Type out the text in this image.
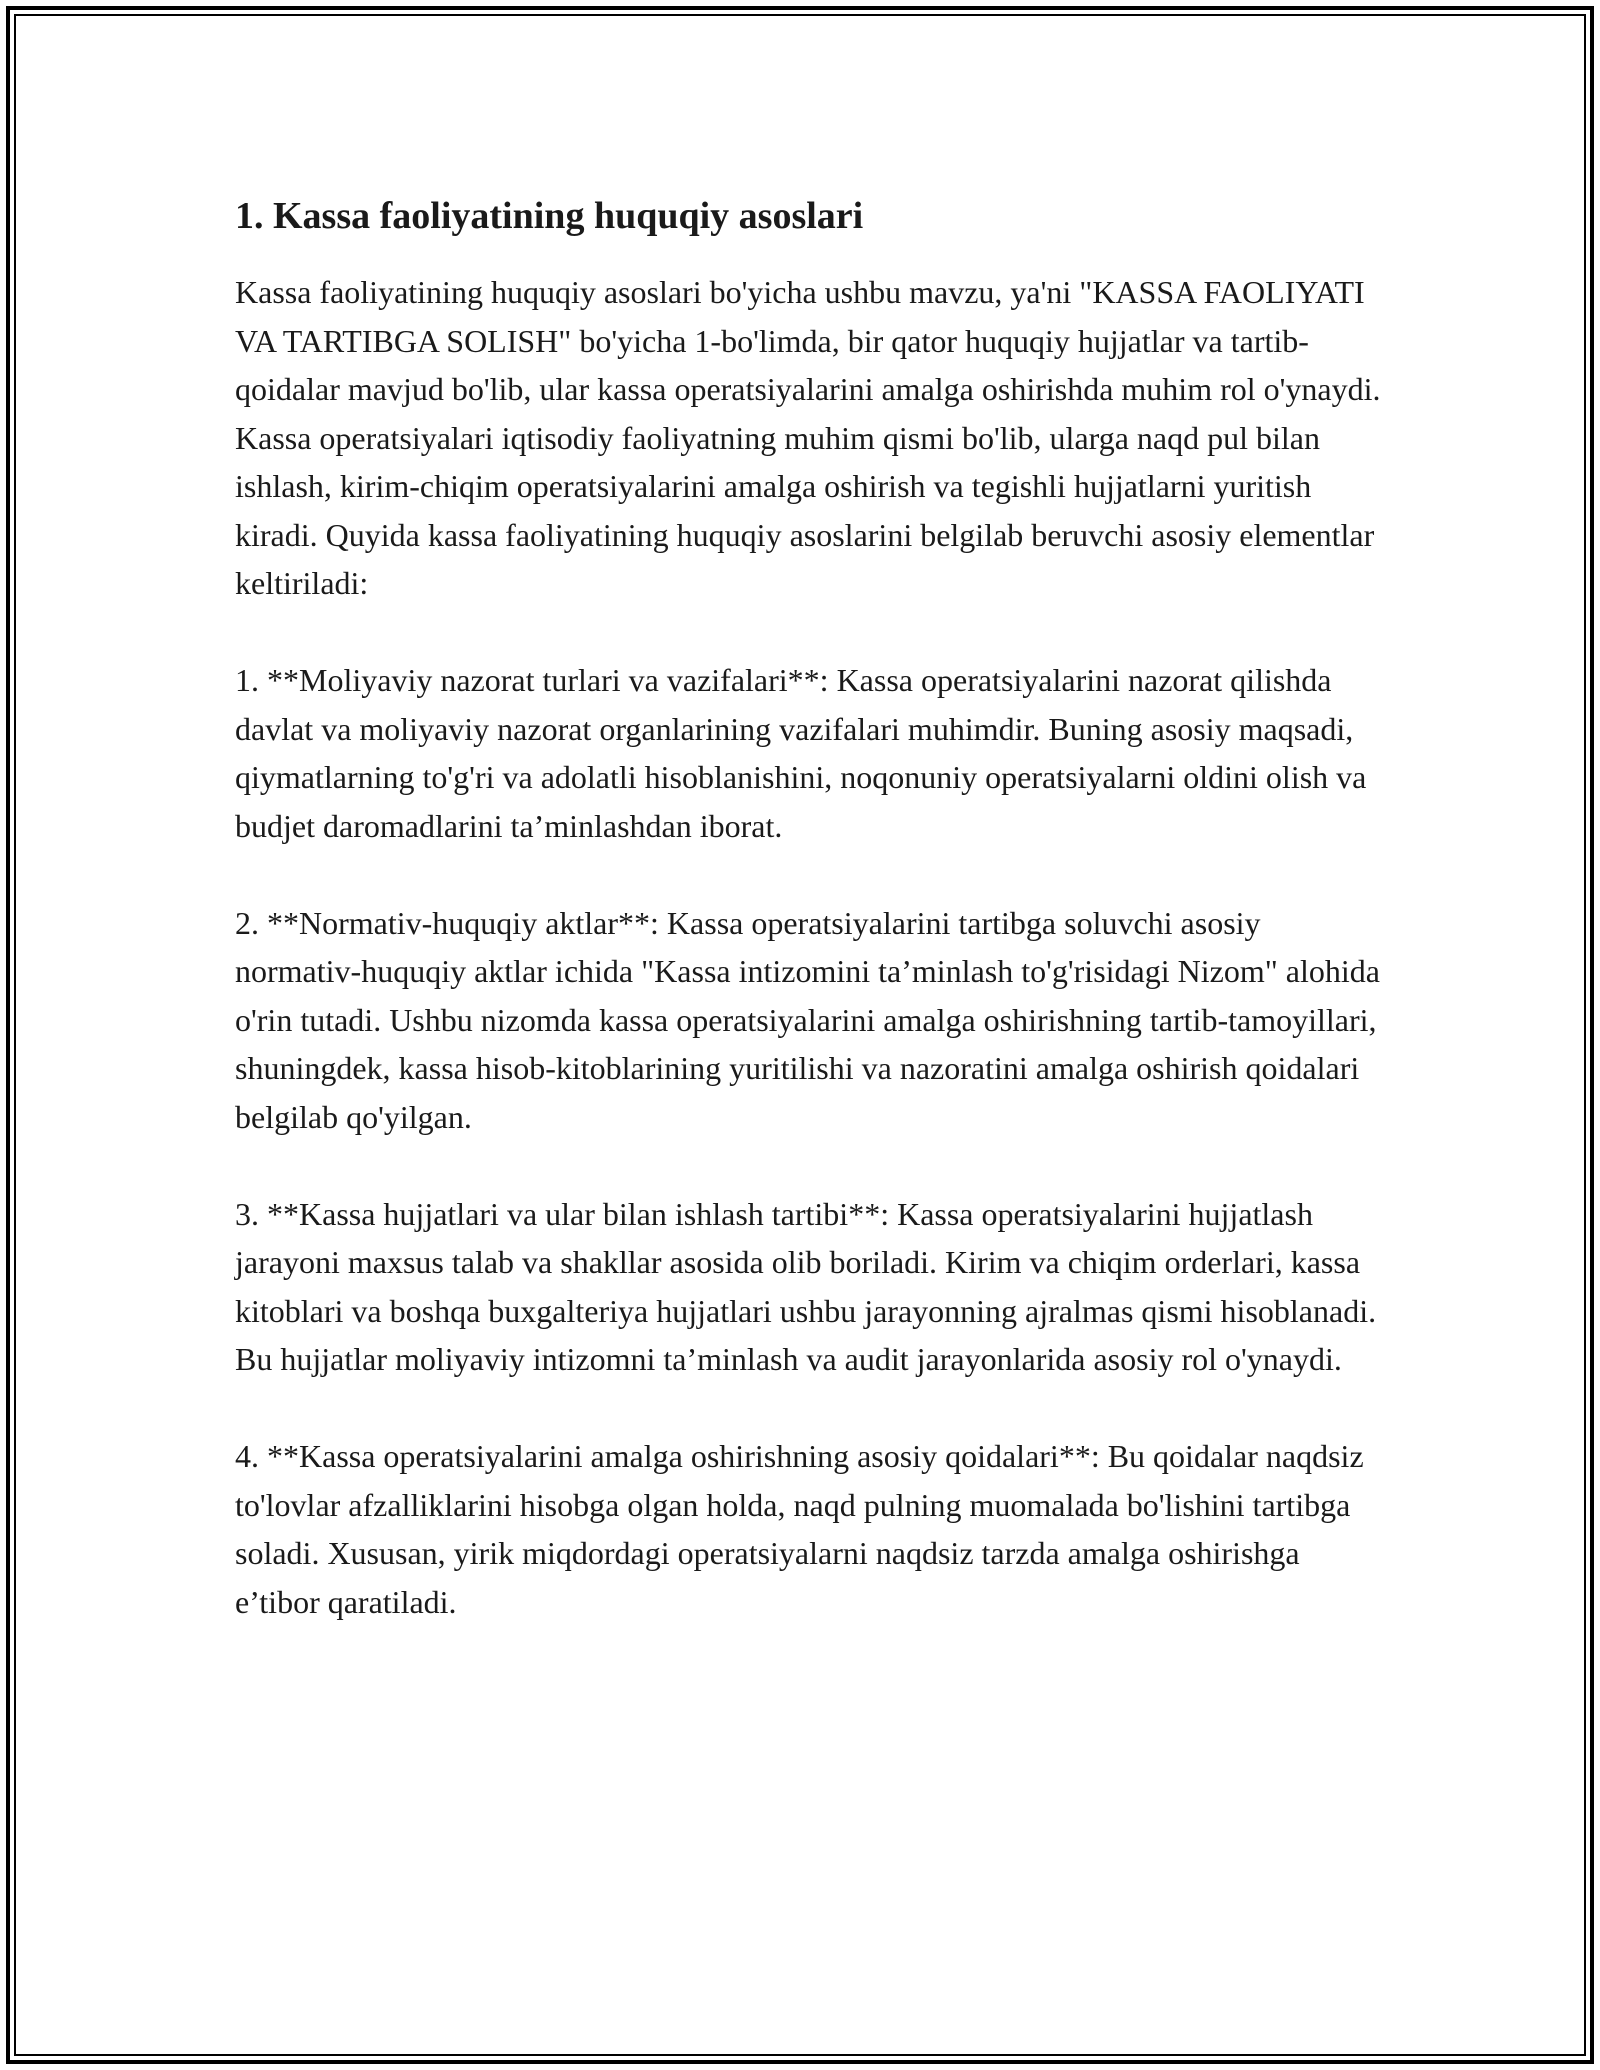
1. Kassa faoliyatining huquqiy asoslari

Kassa faoliyatining huquqiy asoslari bo'yicha ushbu mavzu, ya'ni "KASSA FAOLIYATI VA TARTIBGA SOLISH" bo'yicha 1-bo'limda, bir qator huquqiy hujjatlar va tartib-qoidalar mavjud bo'lib, ular kassa operatsiyalarini amalga oshirishda muhim rol o'ynaydi. Kassa operatsiyalari iqtisodiy faoliyatning muhim qismi bo'lib, ularga naqd pul bilan ishlash, kirim-chiqim operatsiyalarini amalga oshirish va tegishli hujjatlarni yuritish kiradi. Quyida kassa faoliyatining huquqiy asoslarini belgilab beruvchi asosiy elementlar keltiriladi:

1. **Moliyaviy nazorat turlari va vazifalari**: Kassa operatsiyalarini nazorat qilishda davlat va moliyaviy nazorat organlarining vazifalari muhimdir. Buning asosiy maqsadi, qiymatlarning to'g'ri va adolatli hisoblanishini, noqonuniy operatsiyalarni oldini olish va budjet daromadlarini ta’minlashdan iborat.

2. **Normativ-huquqiy aktlar**: Kassa operatsiyalarini tartibga soluvchi asosiy normativ-huquqiy aktlar ichida "Kassa intizomini ta’minlash to'g'risidagi Nizom" alohida o'rin tutadi. Ushbu nizomda kassa operatsiyalarini amalga oshirishning tartib-tamoyillari, shuningdek, kassa hisob-kitoblarining yuritilishi va nazoratini amalga oshirish qoidalari belgilab qo'yilgan.

3. **Kassa hujjatlari va ular bilan ishlash tartibi**: Kassa operatsiyalarini hujjatlash jarayoni maxsus talab va shakllar asosida olib boriladi. Kirim va chiqim orderlari, kassa kitoblari va boshqa buxgalteriya hujjatlari ushbu jarayonning ajralmas qismi hisoblanadi. Bu hujjatlar moliyaviy intizomni ta’minlash va audit jarayonlarida asosiy rol o'ynaydi.

4. **Kassa operatsiyalarini amalga oshirishning asosiy qoidalari**: Bu qoidalar naqdsiz to'lovlar afzalliklarini hisobga olgan holda, naqd pulning muomalada bo'lishini tartibga soladi. Xususan, yirik miqdordagi operatsiyalarni naqdsiz tarzda amalga oshirishga e’tibor qaratiladi.
